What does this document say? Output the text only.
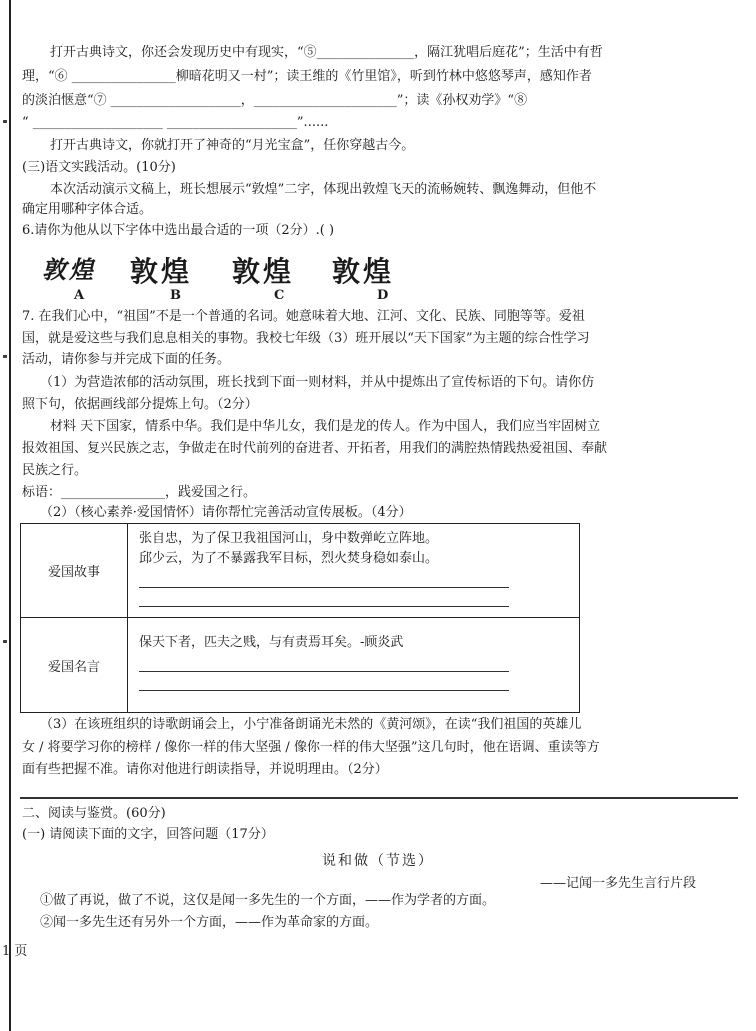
打开古典诗文，你还会发现历史中有现实，“⑤_______________，隔江犹唱后庭花”；生活中有哲
理，“⑥ ________________柳暗花明又一村”；读王维的《竹里馆》，听到竹林中悠悠琴声，感知作者
的淡泊惬意“⑦ ____________________，______________________”；读《孙权劝学》“⑧
“ ____________________ ____________________”......
打开古典诗文，你就打开了神奇的“月光宝盒”，任你穿越古今。
(三)语文实践活动。(10分)
本次活动演示文稿上，班长想展示“敦煌”二字，体现出敦煌飞天的流畅婉转、飘逸舞动，但他不
确定用哪种字体合适。
6.请你为他从以下字体中选出最合适的一项（2分）.( )
敦煌 敦煌 敦煌 敦煌
A	B	C	D
7. 在我们心中，“祖国”不是一个普通的名词。她意味着大地、江河、文化、民族、同胞等等。爱祖
国，就是爱这些与我们息息相关的事物。我校七年级（3）班开展以“天下国家”为主题的综合性学习
活动，请你参与并完成下面的任务。
（1）为营造浓郁的活动氛围，班长找到下面一则材料，并从中提炼出了宣传标语的下句。请你仿
照下句，依据画线部分提炼上句。（2分）
材料 天下国家，情系中华。我们是中华儿女，我们是龙的传人。作为中国人，我们应当牢固树立
报效祖国、复兴民族之志，争做走在时代前列的奋进者、开拓者，用我们的满腔热情践热爱祖国、奉献
民族之行。
标语：________________，践爱国之行。
（2）（核心素养·爱国情怀）请你帮忙完善活动宣传展板。（4分）
爱国故事	张自忠，为了保卫我祖国河山，身中数弹屹立阵地。
邱少云，为了不暴露我军目标，烈火焚身稳如泰山。

爱国名言	保天下者，匹夫之贱，与有责焉耳矣。-顾炎武
（3）在该班组织的诗歌朗诵会上，小宁准备朗诵光未然的《黄河颂》，在读“我们祖国的英雄儿
女 / 将要学习你的榜样 / 像你一样的伟大坚强 / 像你一样的伟大坚强”这几句时，他在语调、重读等方
面有些把握不准。请你对他进行朗读指导，并说明理由。（2分）
二、阅读与鉴赏。(60分)
(一) 请阅读下面的文字，回答问题（17分）
说和做（节选）
——记闻一多先生言行片段
①做了再说，做了不说，这仅是闻一多先生的一个方面，——作为学者的方面。
②闻一多先生还有另外一个方面，——作为革命家的方面。
1 页
